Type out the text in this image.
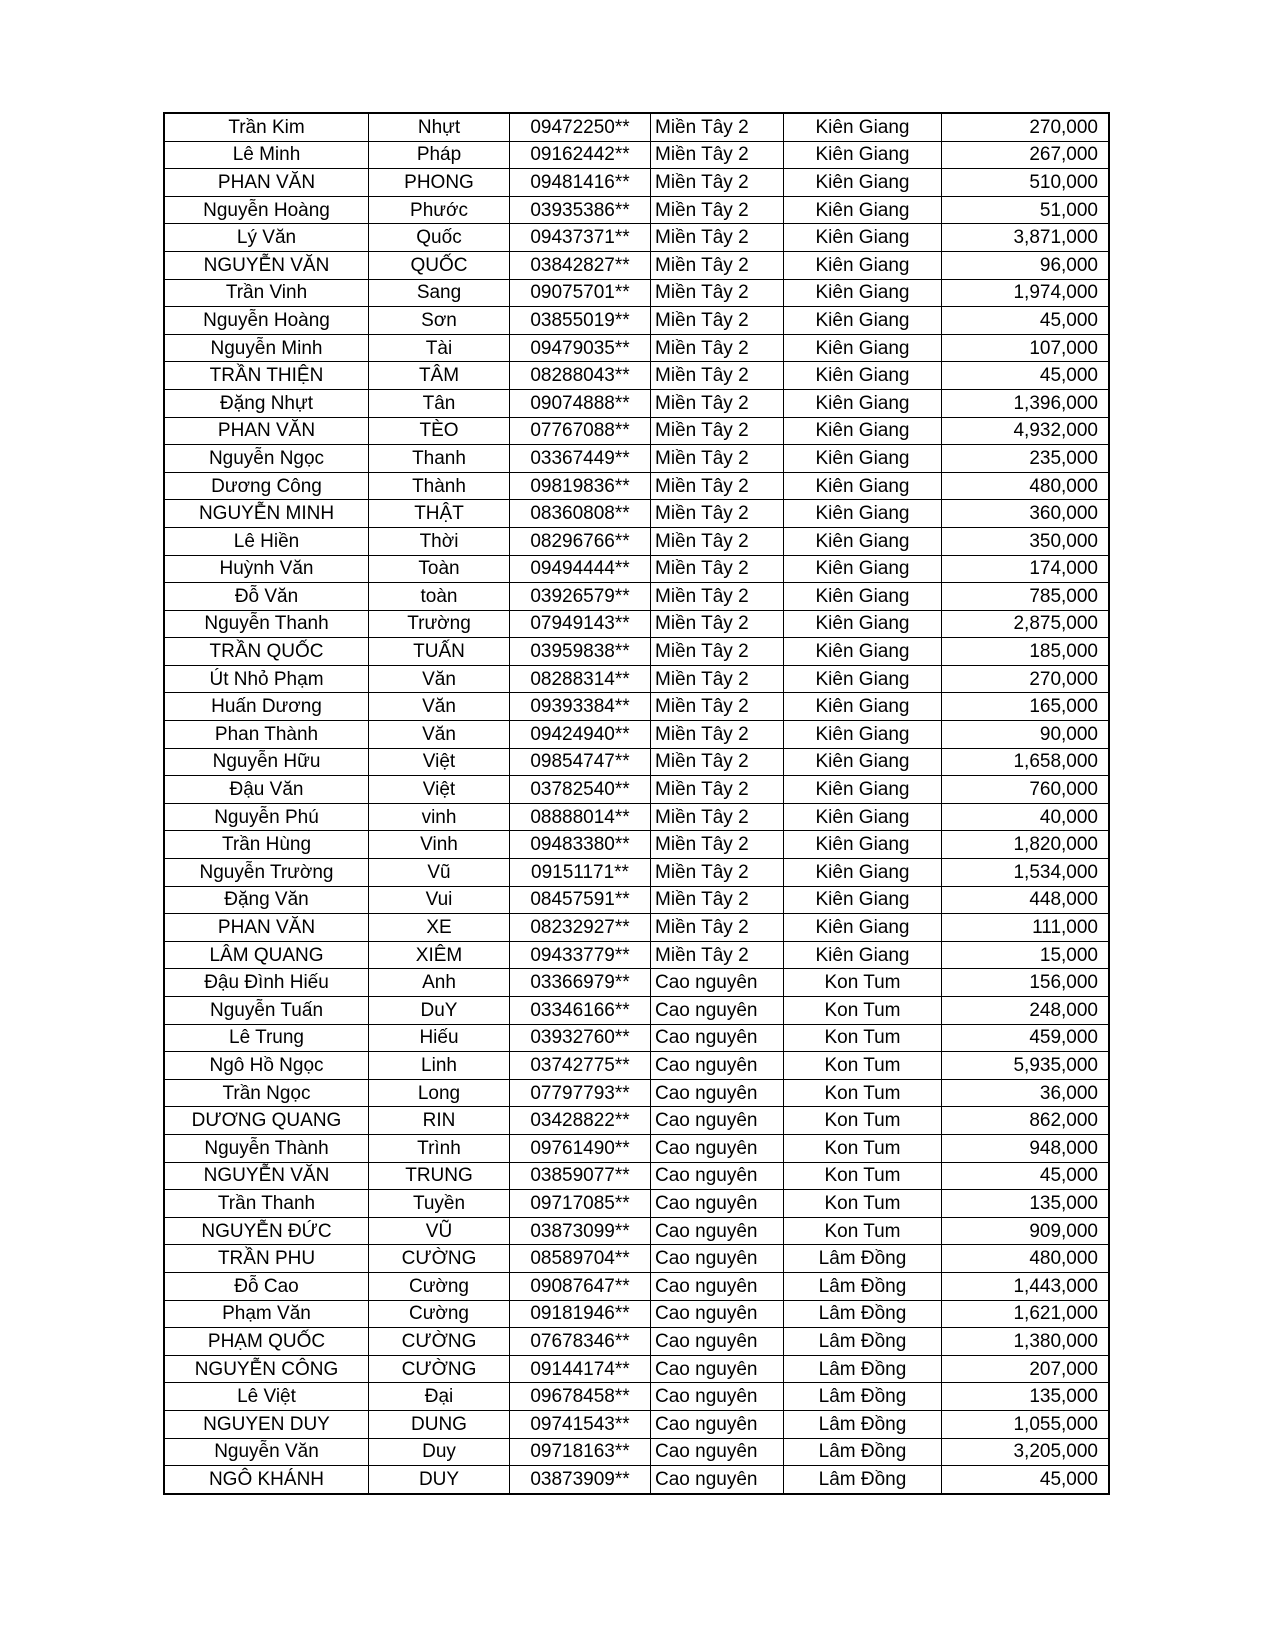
Trần Kim	Nhựt	09472250**	Miền Tây 2	Kiên Giang	270,000
Lê Minh	Pháp	09162442**	Miền Tây 2	Kiên Giang	267,000
PHAN VĂN	PHONG	09481416**	Miền Tây 2	Kiên Giang	510,000
Nguyễn Hoàng	Phước	03935386**	Miền Tây 2	Kiên Giang	51,000
Lý Văn	Quốc	09437371**	Miền Tây 2	Kiên Giang	3,871,000
NGUYỄN VĂN	QUỐC	03842827**	Miền Tây 2	Kiên Giang	96,000
Trần Vinh	Sang	09075701**	Miền Tây 2	Kiên Giang	1,974,000
Nguyễn Hoàng	Sơn	03855019**	Miền Tây 2	Kiên Giang	45,000
Nguyễn Minh	Tài	09479035**	Miền Tây 2	Kiên Giang	107,000
TRẦN THIỆN	TÂM	08288043**	Miền Tây 2	Kiên Giang	45,000
Đặng Nhựt	Tân	09074888**	Miền Tây 2	Kiên Giang	1,396,000
PHAN VĂN	TÈO	07767088**	Miền Tây 2	Kiên Giang	4,932,000
Nguyễn Ngọc	Thanh	03367449**	Miền Tây 2	Kiên Giang	235,000
Dương Công	Thành	09819836**	Miền Tây 2	Kiên Giang	480,000
NGUYỄN MINH	THẬT	08360808**	Miền Tây 2	Kiên Giang	360,000
Lê Hiền	Thời	08296766**	Miền Tây 2	Kiên Giang	350,000
Huỳnh Văn	Toàn	09494444**	Miền Tây 2	Kiên Giang	174,000
Đỗ Văn	toàn	03926579**	Miền Tây 2	Kiên Giang	785,000
Nguyễn Thanh	Trường	07949143**	Miền Tây 2	Kiên Giang	2,875,000
TRẦN QUỐC	TUẤN	03959838**	Miền Tây 2	Kiên Giang	185,000
Út Nhỏ Phạm	Văn	08288314**	Miền Tây 2	Kiên Giang	270,000
Huấn Dương	Văn	09393384**	Miền Tây 2	Kiên Giang	165,000
Phan Thành	Văn	09424940**	Miền Tây 2	Kiên Giang	90,000
Nguyễn Hữu	Việt	09854747**	Miền Tây 2	Kiên Giang	1,658,000
Đậu Văn	Việt	03782540**	Miền Tây 2	Kiên Giang	760,000
Nguyễn Phú	vinh	08888014**	Miền Tây 2	Kiên Giang	40,000
Trần Hùng	Vinh	09483380**	Miền Tây 2	Kiên Giang	1,820,000
Nguyễn Trường	Vũ	09151171**	Miền Tây 2	Kiên Giang	1,534,000
Đặng Văn	Vui	08457591**	Miền Tây 2	Kiên Giang	448,000
PHAN VĂN	XE	08232927**	Miền Tây 2	Kiên Giang	111,000
LÂM QUANG	XIÊM	09433779**	Miền Tây 2	Kiên Giang	15,000
Đậu Đình Hiếu	Anh	03366979**	Cao nguyên	Kon Tum	156,000
Nguyễn Tuấn	DuY	03346166**	Cao nguyên	Kon Tum	248,000
Lê Trung	Hiếu	03932760**	Cao nguyên	Kon Tum	459,000
Ngô Hồ Ngọc	Linh	03742775**	Cao nguyên	Kon Tum	5,935,000
Trần Ngọc	Long	07797793**	Cao nguyên	Kon Tum	36,000
DƯƠNG QUANG	RIN	03428822**	Cao nguyên	Kon Tum	862,000
Nguyễn Thành	Trình	09761490**	Cao nguyên	Kon Tum	948,000
NGUYỄN VĂN	TRUNG	03859077**	Cao nguyên	Kon Tum	45,000
Trần Thanh	Tuyền	09717085**	Cao nguyên	Kon Tum	135,000
NGUYỄN ĐỨC	VŨ	03873099**	Cao nguyên	Kon Tum	909,000
TRẦN PHU	CƯỜNG	08589704**	Cao nguyên	Lâm Đồng	480,000
Đỗ Cao	Cường	09087647**	Cao nguyên	Lâm Đồng	1,443,000
Phạm Văn	Cường	09181946**	Cao nguyên	Lâm Đồng	1,621,000
PHẠM QUỐC	CƯỜNG	07678346**	Cao nguyên	Lâm Đồng	1,380,000
NGUYỄN CÔNG	CƯỜNG	09144174**	Cao nguyên	Lâm Đồng	207,000
Lê Việt	Đại	09678458**	Cao nguyên	Lâm Đồng	135,000
NGUYEN DUY	DUNG	09741543**	Cao nguyên	Lâm Đồng	1,055,000
Nguyễn Văn	Duy	09718163**	Cao nguyên	Lâm Đồng	3,205,000
NGÔ KHÁNH	DUY	03873909**	Cao nguyên	Lâm Đồng	45,000
